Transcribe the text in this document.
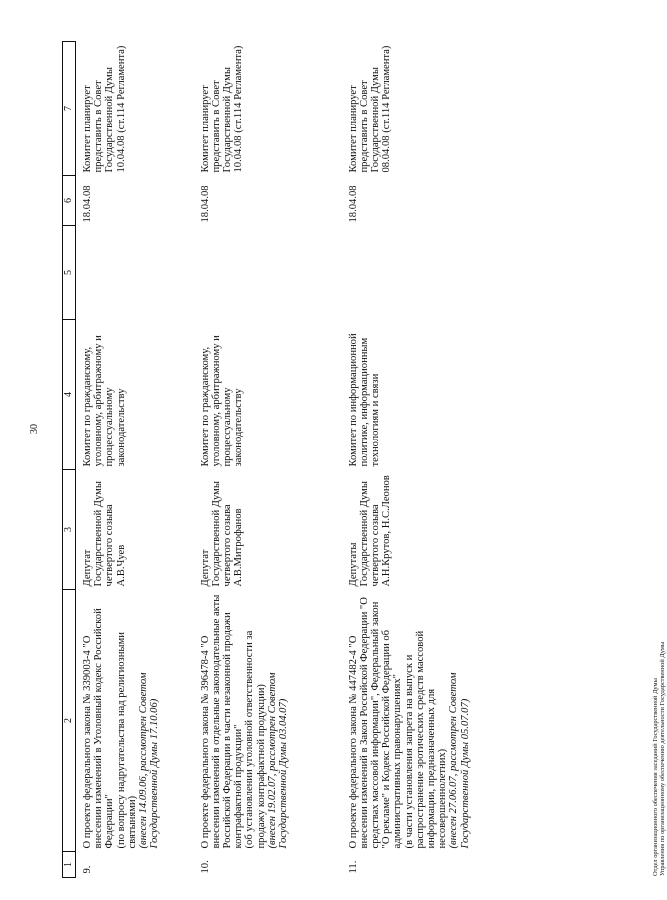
30
1	2	3	4	5	6	7
9.	О проекте федерального закона № 339003-4 "О внесении изменений в Уголовный кодекс Российской Федерации" (по вопросу надругательства над религиозными святынями) (внесен 14.09.06, рассмотрен Советом Государственной Думы 17.10.06)	Депутат Государственной Думы четвертого созыва А.В.Чуев	Комитет по гражданскому, уголовному, арбитражному и процессуальному законодательству		18.04.08	Комитет планирует представить в Совет Государственной Думы 10.04.08 (ст.114 Регламента)
10.	О проекте федерального закона № 396478-4 "О внесении изменений в отдельные законодательные акты Российской Федерации в части незаконной продажи контрафактной продукции" (об установлении уголовной ответственности за продажу контрафактной продукции) (внесен 19.02.07, рассмотрен Советом Государственной Думы 03.04.07)	Депутат Государственной Думы четвертого созыва А.В.Митрофанов	Комитет по гражданскому, уголовному, арбитражному и процессуальному законодательству		18.04.08	Комитет планирует представить в Совет Государственной Думы 10.04.08 (ст.114 Регламента)
11.	О проекте федерального закона № 447482-4 "О внесении изменений в Закон Российской Федерации "О средствах массовой информации", Федеральный закон "О рекламе" и Кодекс Российской Федерации об административных правонарушениях" (в части установления запрета на выпуск и распространение эротических средств массовой информации, предназначенных для несовершеннолетних) (внесен 27.06.07, рассмотрен Советом Государственной Думы 05.07.07)	Депутаты Государственной Думы четвертого созыва А.Н.Крутов, Н.С.Леонов	Комитет по информационной политике, информационным технологиям и связи		18.04.08	Комитет планирует представить в Совет Государственной Думы 08.04.08 (ст.114 Регламента)
Отдел организационного обеспечения заседаний Государственной Думы Управления по организационному обеспечению деятельности Государственной Думы
